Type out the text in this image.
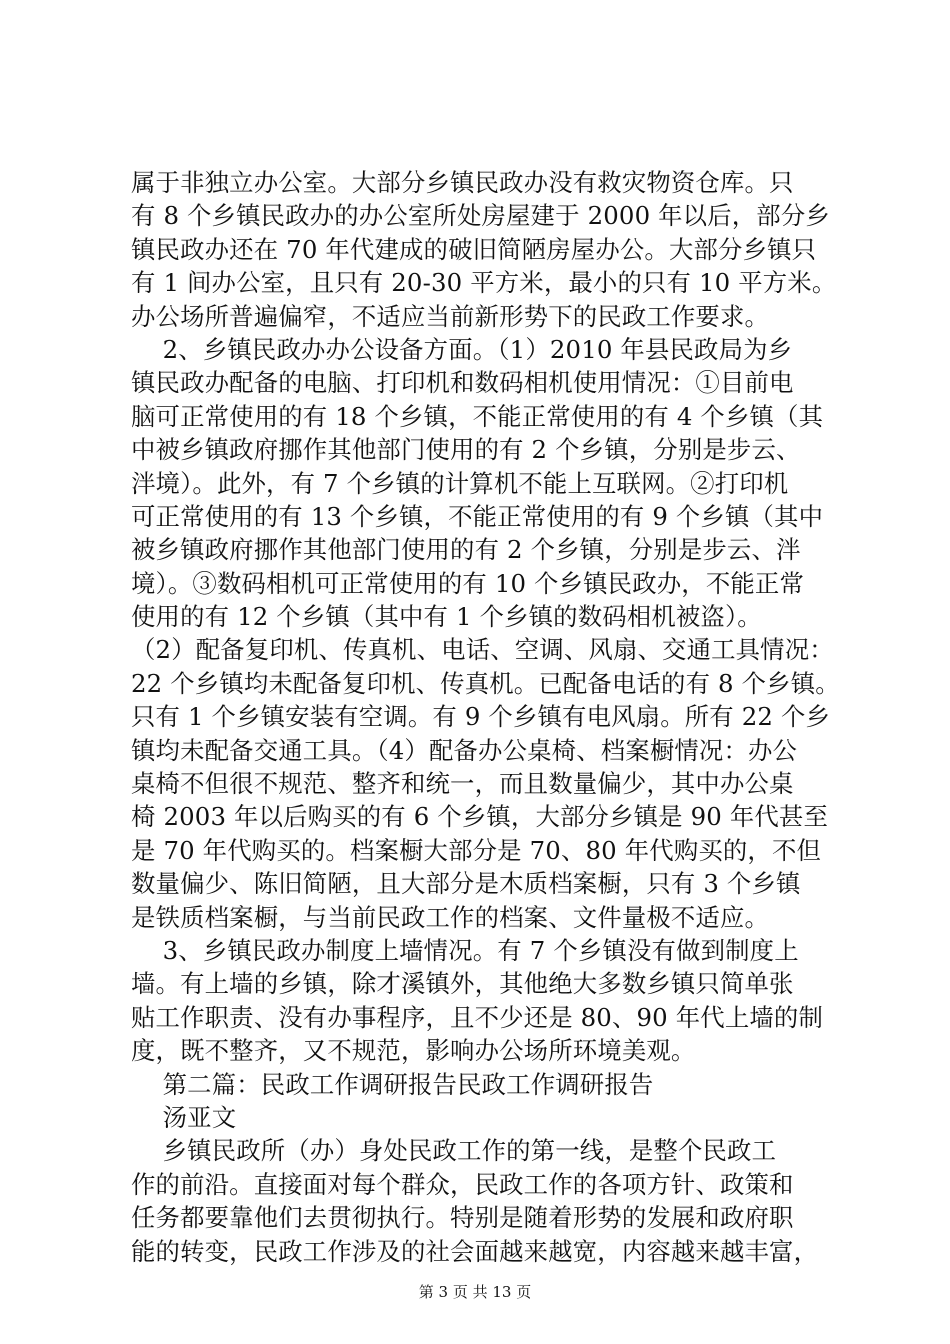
属于非独立办公室。大部分乡镇民政办没有救灾物资仓库。只
有 8 个乡镇民政办的办公室所处房屋建于 2000 年以后，部分乡
镇民政办还在 70 年代建成的破旧简陋房屋办公。大部分乡镇只
有 1 间办公室，且只有 20-30 平方米，最小的只有 10 平方米。
办公场所普遍偏窄，不适应当前新形势下的民政工作要求。
2、乡镇民政办办公设备方面。（1）2010 年县民政局为乡
镇民政办配备的电脑、打印机和数码相机使用情况：①目前电
脑可正常使用的有 18 个乡镇，不能正常使用的有 4 个乡镇（其
中被乡镇政府挪作其他部门使用的有 2 个乡镇，分别是步云、
泮境）。此外，有 7 个乡镇的计算机不能上互联网。②打印机
可正常使用的有 13 个乡镇，不能正常使用的有 9 个乡镇（其中
被乡镇政府挪作其他部门使用的有 2 个乡镇，分别是步云、泮
境）。③数码相机可正常使用的有 10 个乡镇民政办，不能正常
使用的有 12 个乡镇（其中有 1 个乡镇的数码相机被盗）。
（2）配备复印机、传真机、电话、空调、风扇、交通工具情况：
22 个乡镇均未配备复印机、传真机。已配备电话的有 8 个乡镇。
只有 1 个乡镇安装有空调。有 9 个乡镇有电风扇。所有 22 个乡
镇均未配备交通工具。（4）配备办公桌椅、档案橱情况：办公
桌椅不但很不规范、整齐和统一，而且数量偏少，其中办公桌
椅 2003 年以后购买的有 6 个乡镇，大部分乡镇是 90 年代甚至
是 70 年代购买的。档案橱大部分是 70、80 年代购买的，不但
数量偏少、陈旧简陋，且大部分是木质档案橱，只有 3 个乡镇
是铁质档案橱，与当前民政工作的档案、文件量极不适应。
3、乡镇民政办制度上墙情况。有 7 个乡镇没有做到制度上
墙。有上墙的乡镇，除才溪镇外，其他绝大多数乡镇只简单张
贴工作职责、没有办事程序，且不少还是 80、90 年代上墙的制
度，既不整齐，又不规范，影响办公场所环境美观。
第二篇：民政工作调研报告民政工作调研报告
汤亚文
乡镇民政所（办）身处民政工作的第一线，是整个民政工
作的前沿。直接面对每个群众，民政工作的各项方针、政策和
任务都要靠他们去贯彻执行。特别是随着形势的发展和政府职
能的转变，民政工作涉及的社会面越来越宽，内容越来越丰富，
第 3 页 共 13 页
